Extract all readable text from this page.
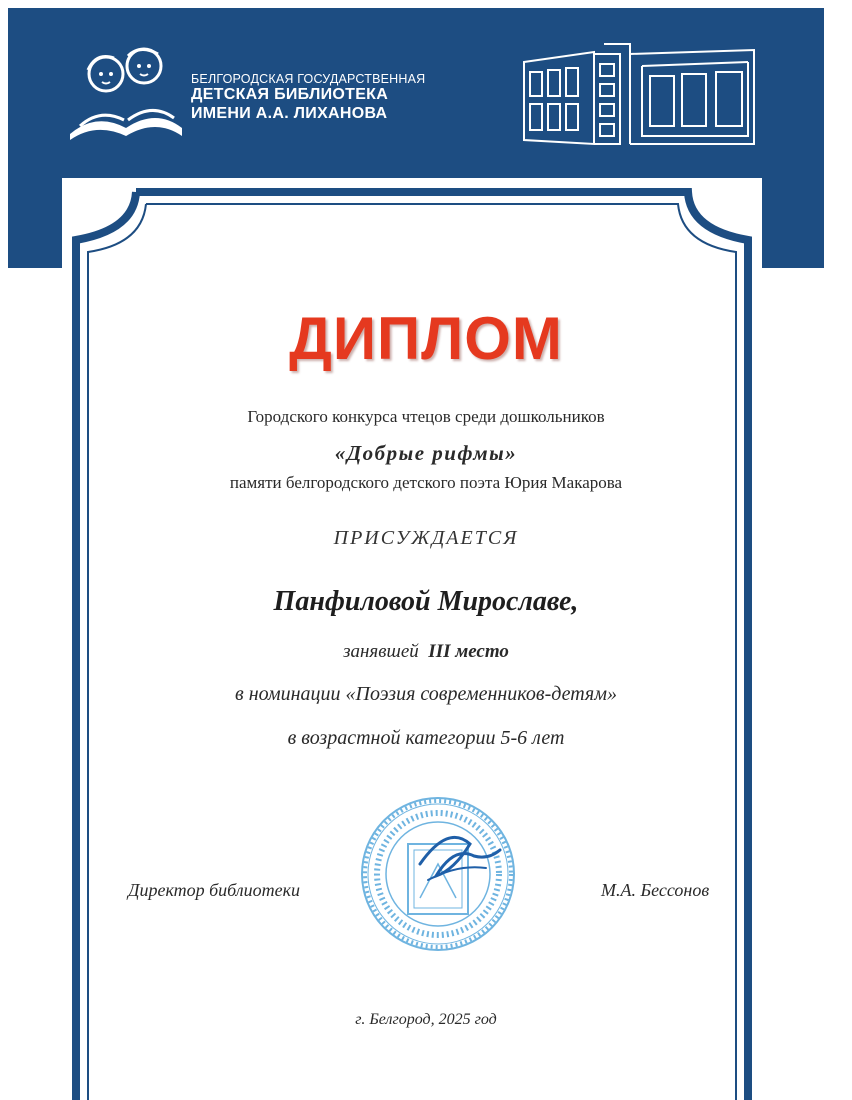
БЕЛГОРОДСКАЯ ГОСУДАРСТВЕННАЯ
ДЕТСКАЯ БИБЛИОТЕКА
ИМЕНИ А.А. ЛИХАНОВА
ДИПЛОМ
Городского конкурса чтецов среди дошкольников
«Добрые рифмы»
памяти белгородского детского поэта Юрия Макарова
ПРИСУЖДАЕТСЯ
Панфиловой Мирославе,
занявшей III место
в номинации «Поэзия современников-детям»
в возрастной категории 5-6 лет
Директор библиотеки	М.А. Бессонов
г. Белгород, 2025 год
